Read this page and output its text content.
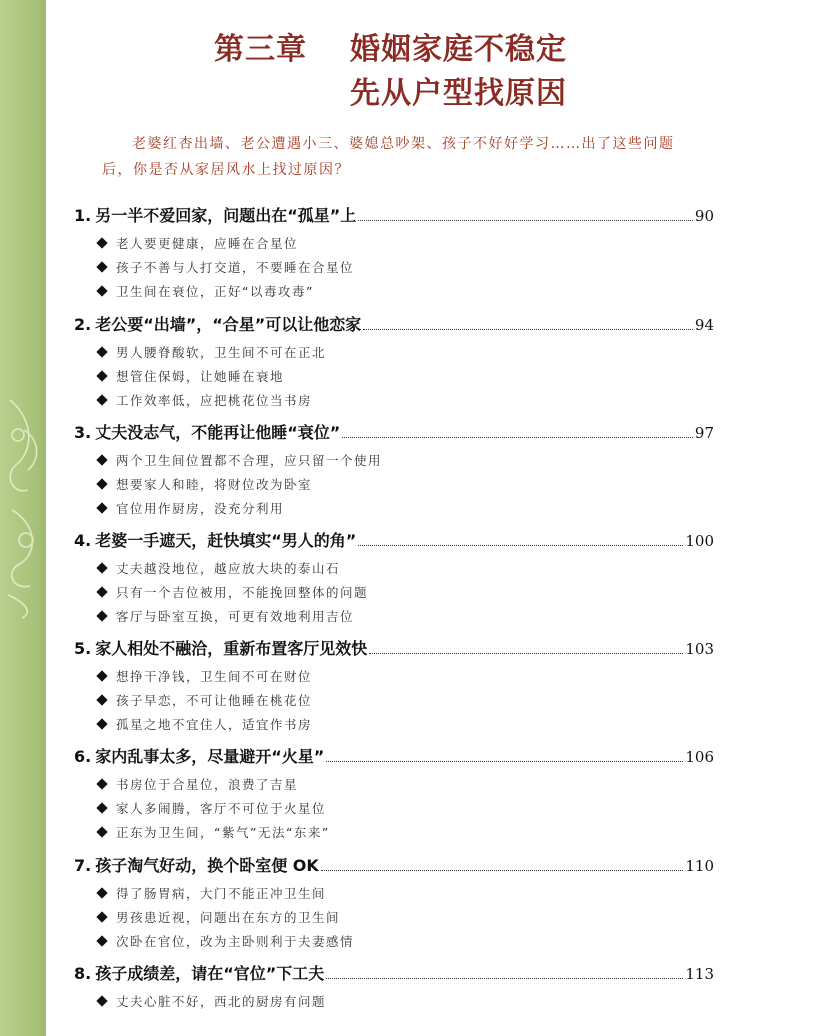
第三章	婚姻家庭不稳定
先从户型找原因
老婆红杏出墙、老公遭遇小三、婆媳总吵架、孩子不好好学习……出了这些问题后，你是否从家居风水上找过原因？
1. 另一半不爱回家，问题出在“孤星”上	90
老人要更健康，应睡在合星位
孩子不善与人打交道，不要睡在合星位
卫生间在衰位，正好“以毒攻毒”
2. 老公要“出墙”，“合星”可以让他恋家	94
男人腰脊酸软，卫生间不可在正北
想管住保姆，让她睡在衰地
工作效率低，应把桃花位当书房
3. 丈夫没志气，不能再让他睡“衰位”	97
两个卫生间位置都不合理，应只留一个使用
想要家人和睦，将财位改为卧室
官位用作厨房，没充分利用
4. 老婆一手遮天，赶快填实“男人的角”	100
丈夫越没地位，越应放大块的泰山石
只有一个吉位被用，不能挽回整体的问题
客厅与卧室互换，可更有效地利用吉位
5. 家人相处不融洽，重新布置客厅见效快	103
想挣干净钱，卫生间不可在财位
孩子早恋，不可让他睡在桃花位
孤星之地不宜住人，适宜作书房
6. 家内乱事太多，尽量避开“火星”	106
书房位于合星位，浪费了吉星
家人多闹腾，客厅不可位于火星位
正东为卫生间，“紫气”无法“东来”
7. 孩子淘气好动，换个卧室便 OK	110
得了肠胃病，大门不能正冲卫生间
男孩患近视，问题出在东方的卫生间
次卧在官位，改为主卧则利于夫妻感情
8. 孩子成绩差，请在“官位”下工夫	113
丈夫心脏不好，西北的厨房有问题
